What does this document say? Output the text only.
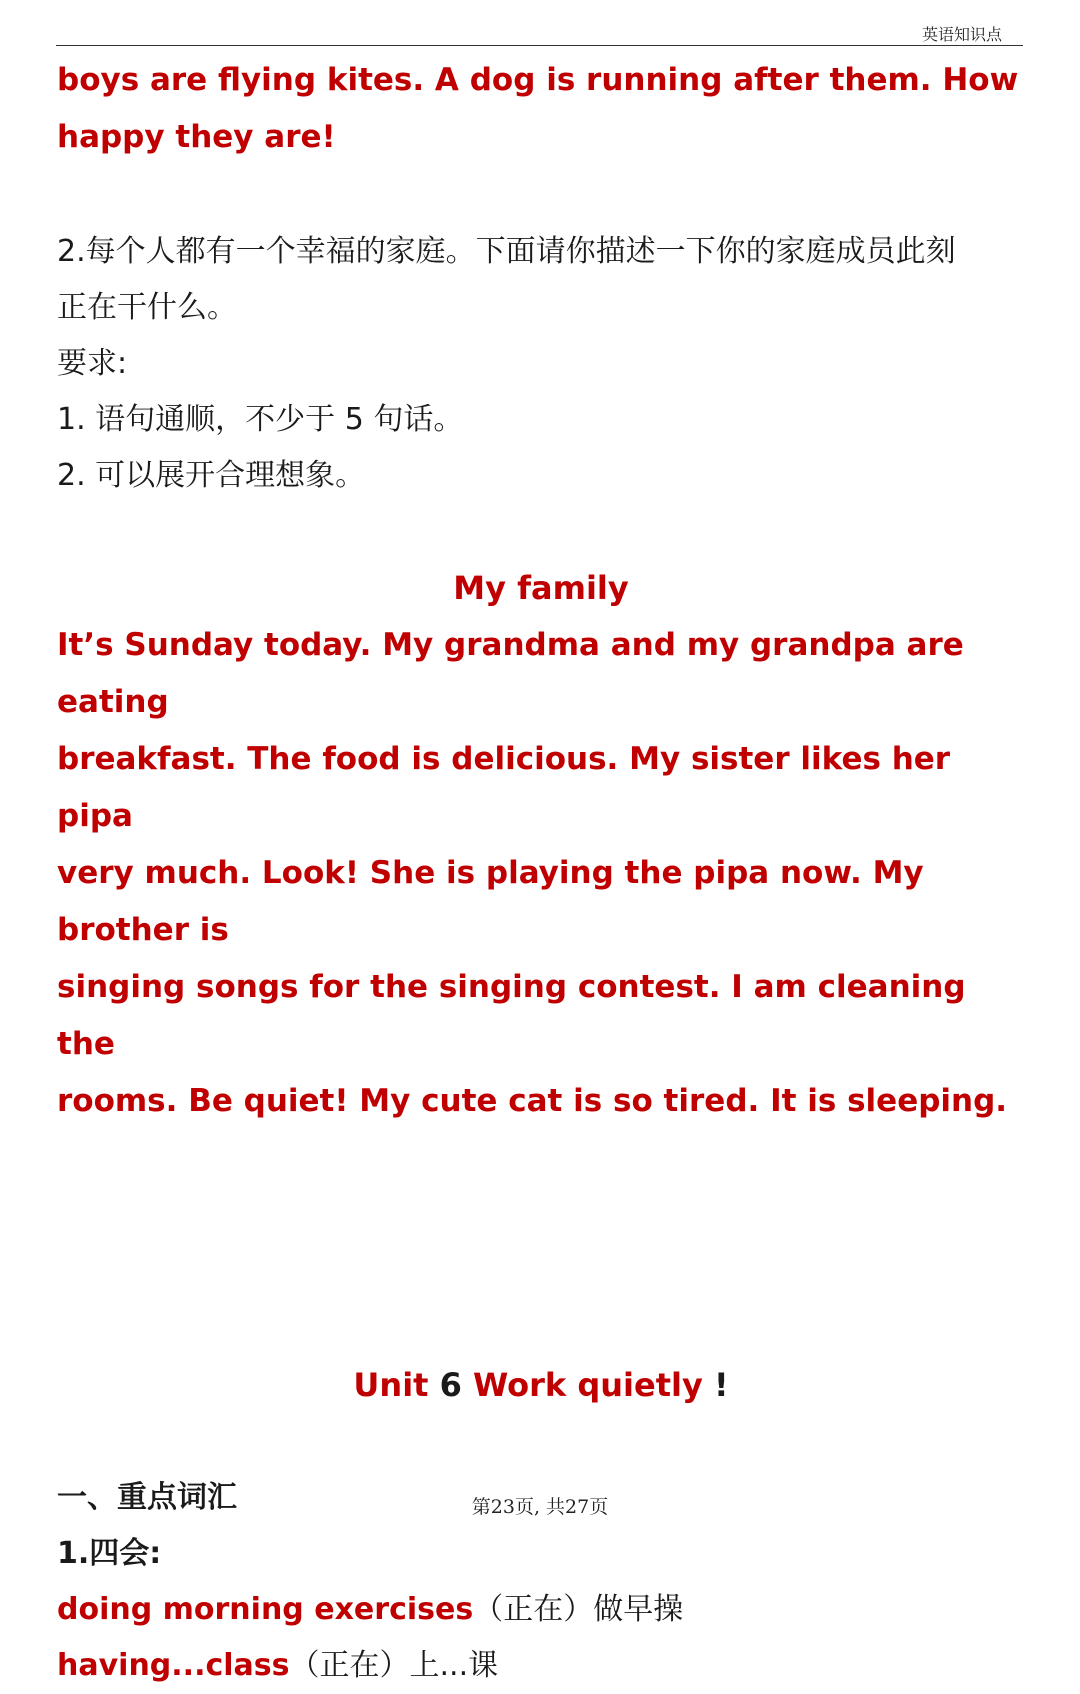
英语知识点

boys are flying kites. A dog is running after them. How

happy they are!

2.每个人都有一个幸福的家庭。下面请你描述一下你的家庭成员此刻

正在干什么。

要求:

1. 语句通顺，不少于 5 句话。

2. 可以展开合理想象。

My family

It’s Sunday today. My grandma and my grandpa are eating

breakfast. The food is delicious. My sister likes her pipa

very much. Look! She is playing the pipa now. My brother is

singing songs for the singing contest. I am cleaning the

rooms. Be quiet! My cute cat is so tired. It is sleeping.

Unit 6 Work quietly !

一、重点词汇

1.四会:

doing morning exercises（正在）做早操

having...class（正在）上...课

第23页, 共27页
